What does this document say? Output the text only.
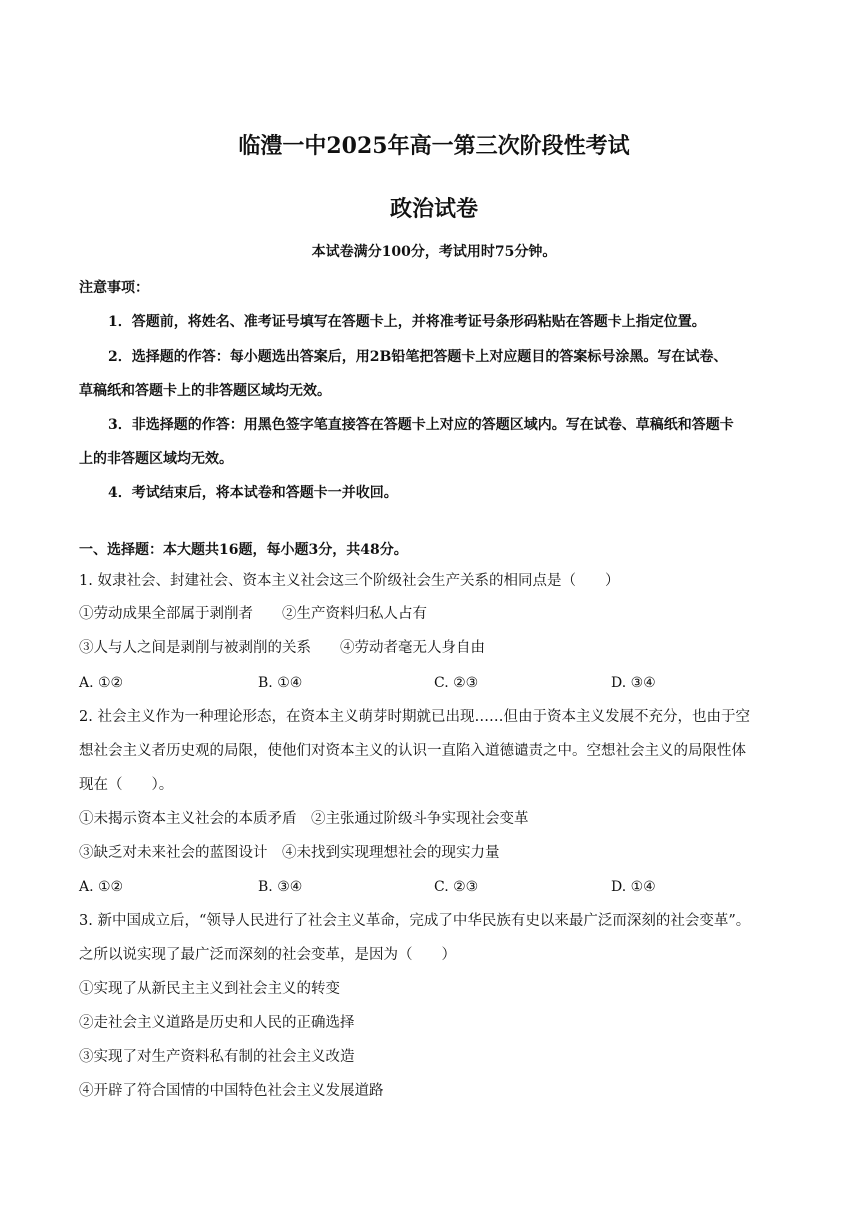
临澧一中2025年高一第三次阶段性考试
政治试卷
本试卷满分100分，考试用时75分钟。
注意事项：
1．答题前，将姓名、准考证号填写在答题卡上，并将准考证号条形码粘贴在答题卡上指定位置。
2．选择题的作答：每小题选出答案后，用2B铅笔把答题卡上对应题目的答案标号涂黑。写在试卷、
草稿纸和答题卡上的非答题区域均无效。
3．非选择题的作答：用黑色签字笔直接答在答题卡上对应的答题区域内。写在试卷、草稿纸和答题卡
上的非答题区域均无效。
4．考试结束后，将本试卷和答题卡一并收回。
一、选择题：本大题共16题，每小题3分，共48分。
1. 奴隶社会、封建社会、资本主义社会这三个阶级社会生产关系的相同点是（　　）
①劳动成果全部属于剥削者　　②生产资料归私人占有
③人与人之间是剥削与被剥削的关系　　④劳动者毫无人身自由
A. ①②	B. ①④	C. ②③	D. ③④
2. 社会主义作为一种理论形态，在资本主义萌芽时期就已出现……但由于资本主义发展不充分，也由于空
想社会主义者历史观的局限，使他们对资本主义的认识一直陷入道德谴责之中。空想社会主义的局限性体
现在（　　）。
①未揭示资本主义社会的本质矛盾　②主张通过阶级斗争实现社会变革
③缺乏对未来社会的蓝图设计　④未找到实现理想社会的现实力量
A. ①②	B. ③④	C. ②③	D. ①④
3. 新中国成立后，“领导人民进行了社会主义革命，完成了中华民族有史以来最广泛而深刻的社会变革”。
之所以说实现了最广泛而深刻的社会变革，是因为（　　）
①实现了从新民主主义到社会主义的转变
②走社会主义道路是历史和人民的正确选择
③实现了对生产资料私有制的社会主义改造
④开辟了符合国情的中国特色社会主义发展道路
